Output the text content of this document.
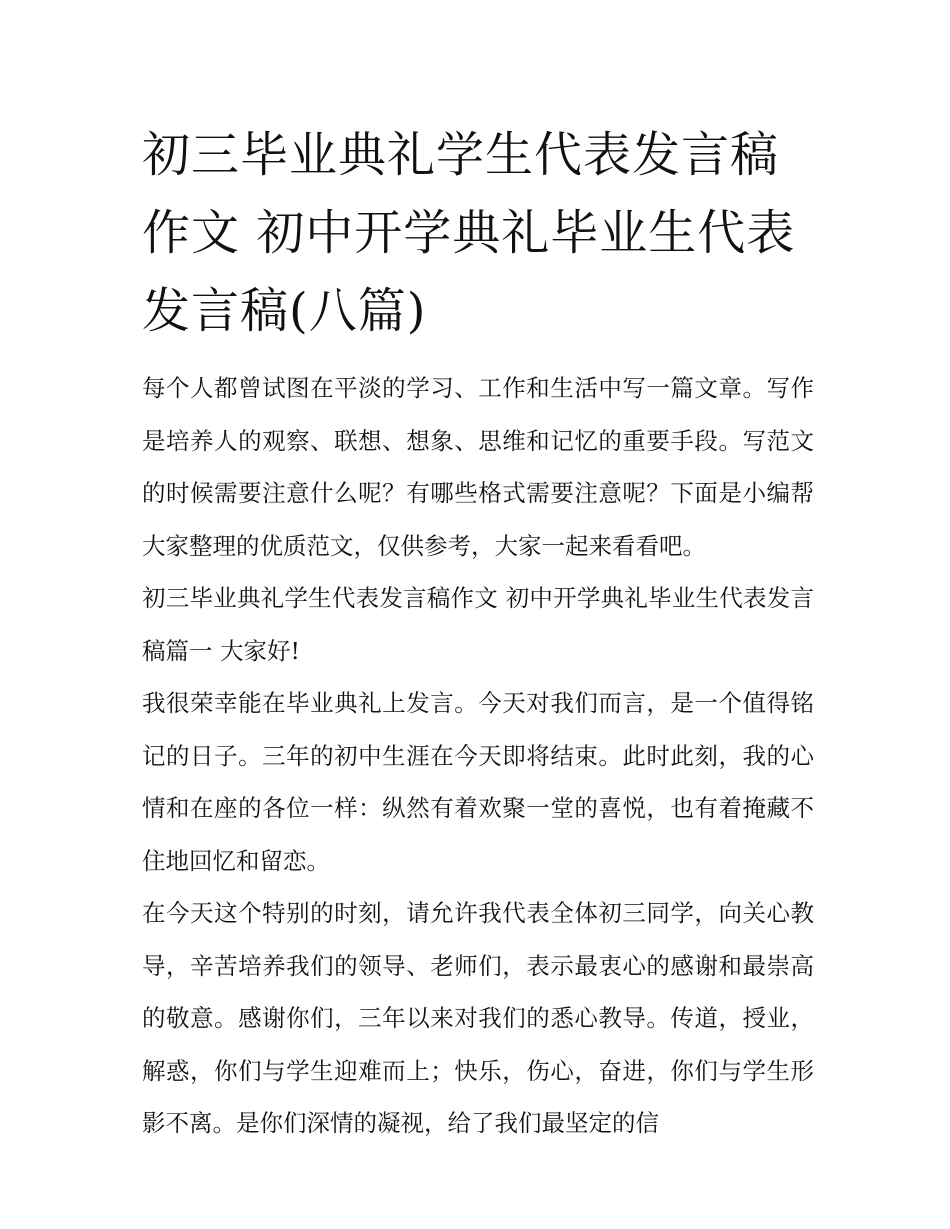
初三毕业典礼学生代表发言稿作文 初中开学典礼毕业生代表发言稿(八篇)

每个人都曾试图在平淡的学习、工作和生活中写一篇文章。写作是培养人的观察、联想、想象、思维和记忆的重要手段。写范文的时候需要注意什么呢？有哪些格式需要注意呢？下面是小编帮大家整理的优质范文，仅供参考，大家一起来看看吧。

初三毕业典礼学生代表发言稿作文 初中开学典礼毕业生代表发言稿篇一 大家好!

我很荣幸能在毕业典礼上发言。今天对我们而言，是一个值得铭记的日子。三年的初中生涯在今天即将结束。此时此刻，我的心情和在座的各位一样：纵然有着欢聚一堂的喜悦，也有着掩藏不住地回忆和留恋。

在今天这个特别的时刻，请允许我代表全体初三同学，向关心教导，辛苦培养我们的领导、老师们，表示最衷心的感谢和最崇高的敬意。感谢你们，三年以来对我们的悉心教导。传道，授业，解惑，你们与学生迎难而上；快乐，伤心，奋进，你们与学生形影不离。是你们深情的凝视，给了我们最坚定的信
